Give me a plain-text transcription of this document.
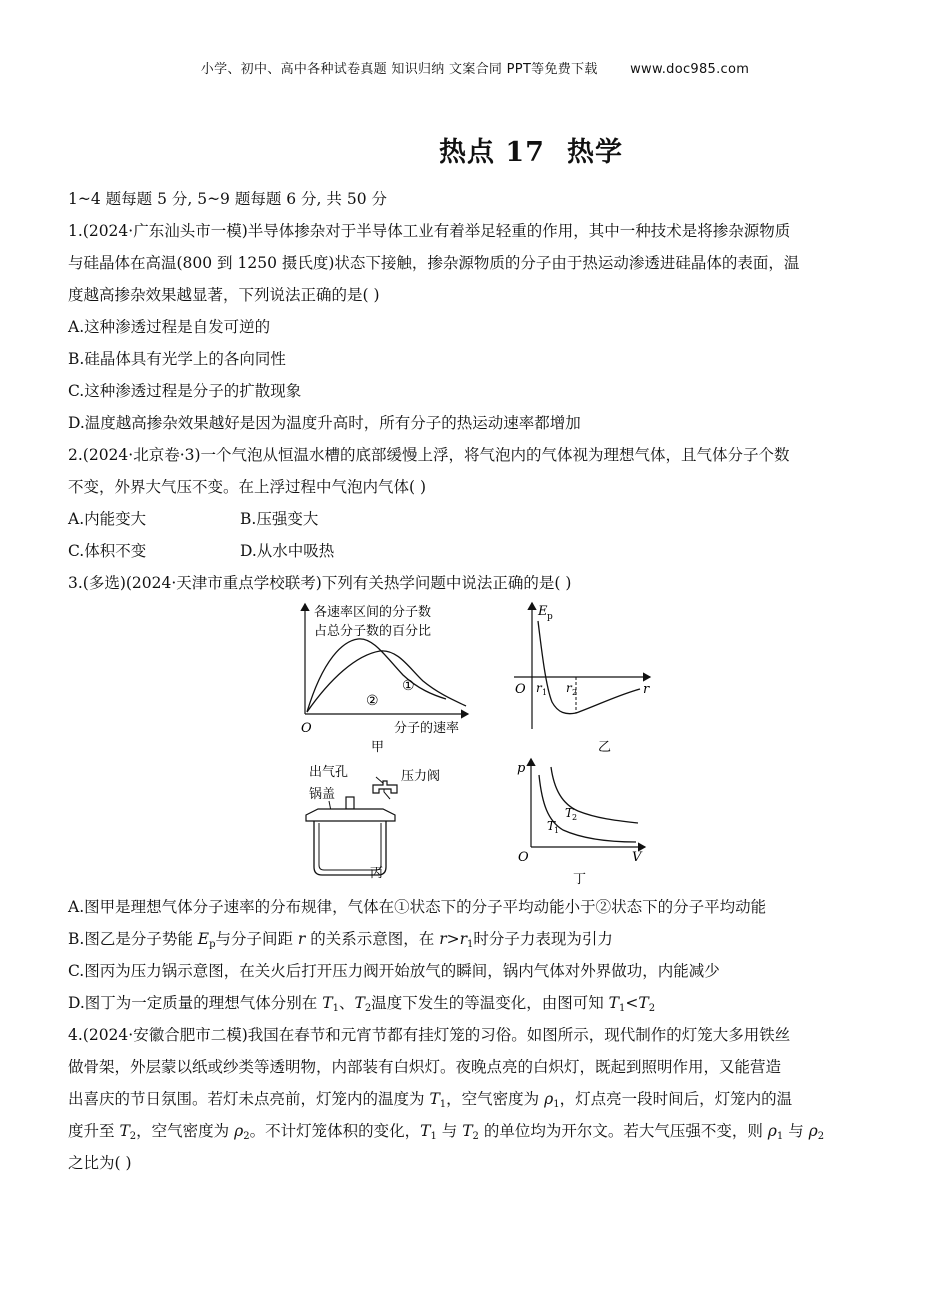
小学、初中、高中各种试卷真题 知识归纳 文案合同 PPT等免费下载 www.doc985.com
热点 17 热学

1~4 题每题 5 分, 5~9 题每题 6 分, 共 50 分

1.(2024·广东汕头市一模)半导体掺杂对于半导体工业有着举足轻重的作用，其中一种技术是将掺杂源物质

与硅晶体在高温(800 到 1250 摄氏度)状态下接触，掺杂源物质的分子由于热运动渗透进硅晶体的表面，温

度越高掺杂效果越显著，下列说法正确的是( )

A.这种渗透过程是自发可逆的

B.硅晶体具有光学上的各向同性

C.这种渗透过程是分子的扩散现象

D.温度越高掺杂效果越好是因为温度升高时，所有分子的热运动速率都增加

2.(2024·北京卷·3)一个气泡从恒温水槽的底部缓慢上浮，将气泡内的气体视为理想气体，且气体分子个数

不变，外界大气压不变。在上浮过程中气泡内气体( )

A.内能变大	B.压强变大

C.体积不变	D.从水中吸热

3.(多选)(2024·天津市重点学校联考)下列有关热学问题中说法正确的是( )

各速率区间的分子数
占总分子数的百分比
O	分子的速率
①
②
甲
E p
O	r
r 1 r 2
乙
出气孔
锅盖
压力阀
丙
p
V
O
T
1
T
2
丁

A.图甲是理想气体分子速率的分布规律，气体在①状态下的分子平均动能小于②状态下的分子平均动能

B.图乙是分子势能 $E_p$与分子间距 r 的关系示意图，在 $r>r_1$时分子力表现为引力

C.图丙为压力锅示意图，在关火后打开压力阀开始放气的瞬间，锅内气体对外界做功，内能减少

D.图丁为一定质量的理想气体分别在 $T_1$、$T_2$温度下发生的等温变化，由图可知 $T_1<T_2$

4.(2024·安徽合肥市二模)我国在春节和元宵节都有挂灯笼的习俗。如图所示，现代制作的灯笼大多用铁丝

做骨架，外层蒙以纸或纱类等透明物，内部装有白炽灯。夜晚点亮的白炽灯，既起到照明作用，又能营造

出喜庆的节日氛围。若灯未点亮前，灯笼内的温度为 $T_1$，空气密度为 $\rho_1$，灯点亮一段时间后，灯笼内的温

度升至 $T_2$，空气密度为 $\rho_2$。不计灯笼体积的变化，$T_1$ 与 $T_2$ 的单位均为开尔文。若大气压强不变，则 $\rho_1$ 与 $\rho_2$

之比为( )
